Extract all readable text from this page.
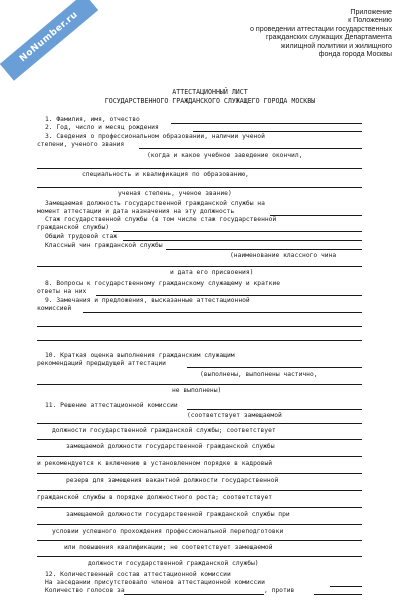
NoNumber.ru	Приложение
к Положению
о проведении аттестации государственных
гражданских служащих Департамента
жилищной политики и жилищного
фонда города Москвы
АТТЕСТАЦИОННЫЙ ЛИСТ
ГОСУДАРСТВЕННОГО ГРАЖДАНСКОГО СЛУЖАЩЕГО ГОРОДА МОСКВЫ
1. Фамилия, имя, отчество
2. Год, число и месяц рождения
3. Сведения о профессиональном образовании, наличии ученой
степени, ученого звания
(когда и какое учебное заведение окончил,
специальность и квалификация по образованию,
ученая степень, ученое звание)
Замещаемая должность государственной гражданской службы на
момент аттестации и дата назначения на эту должность
Стаж государственной службы (в том числе стаж государственной
гражданской службы)
Общий трудовой стаж
Классный чин гражданской службы
(наименование классного чина
и дата его присвоения)
8. Вопросы к государственному гражданскому служащему и краткие
ответы на них
9. Замечания и предложения, высказанные аттестационной
комиссией
10. Краткая оценка выполнения гражданским служащим
рекомендаций предыдущей аттестации
(выполнены, выполнены частично,
не выполнены)
11. Решение аттестационной комиссии
(соответствует замещаемой
должности государственной гражданской службы; соответствует
замещаемой должности государственной гражданской службы
и рекомендуется к включению в установленном порядке в кадровый
резерв для замещения вакантной должности государственной
гражданской службы в порядке должностного роста; соответствует
замещаемой должности государственной гражданской службы при
условии успешного прохождения профессиональной переподготовки
или повышения квалификации; не соответствует замещаемой
должности государственной гражданской службы)
12. Количественный состав аттестационной комиссии
На заседании присутствовало членов аттестационной комиссии
Количество голосов за	, против
